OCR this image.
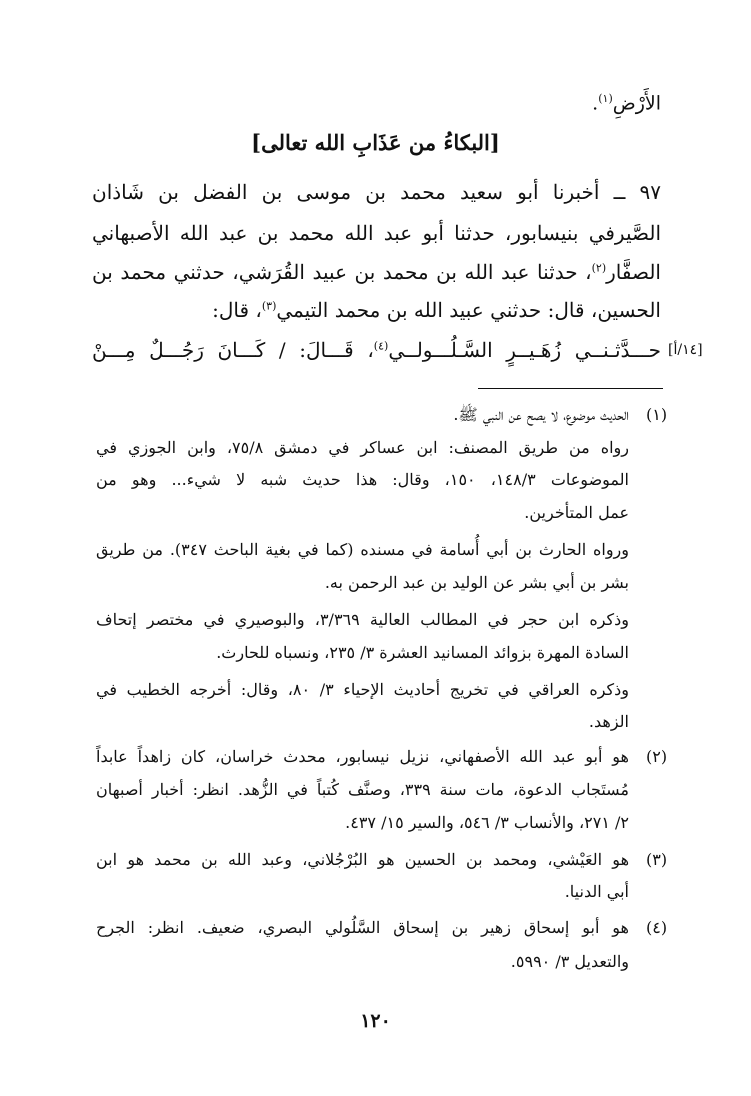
الأَرْضِ$^{(١)}$.
[البكاءُ من عَذَابِ الله تعالى]
٩٧ ــ أخبرنا أبو سعيد محمد بن موسى بن الفضل بن شَاذان
الصَّيرفي بنيسابور، حدثنا أبو عبد الله محمد بن عبد الله الأصبهاني
الصفَّار$^{(٢)}$، حدثنا عبد الله بن محمد بن عبيد القُرَشي، حدثني محمد بن
الحسين، قال: حدثني عبيد الله بن محمد التيمي$^{(٣)}$، قال:
حـــدَّثـنــي زُهَـيــرٍ السَّـلُـــولــي$^{(٤)}$، قَـــالَ: / كَـــانَ رَجُـــلٌ مِـــنْ	[١٤/أ]
(١)
الحديث موضوع، لا يصح عن النبي ﷺ.
رواه من طريق المصنف: ابن عساكر في دمشق ٧٥/٨، وابن الجوزي في
الموضوعات ١٤٨/٣، ١٥٠، وقال: هذا حديث شبه لا شيء... وهو من
عمل المتأخرين.
ورواه الحارث بن أبي أُسامة في مسنده (كما في بغية الباحث ٣٤٧). من طريق
بشر بن أبي بشر عن الوليد بن عبد الرحمن به.
وذكره ابن حجر في المطالب العالية ٣/٣٦٩، والبوصيري في مختصر إتحاف
السادة المهرة بزوائد المسانيد العشرة ٣/ ٢٣٥، ونسباه للحارث.
وذكره العراقي في تخريج أحاديث الإحياء ٣/ ٨٠، وقال: أخرجه الخطيب في
الزهد.
(٢)
هو أبو عبد الله الأصفهاني، نزيل نيسابور، محدث خراسان، كان زاهداً عابداً
مُستَجاب الدعوة، مات سنة ٣٣٩، وصنَّف كُتباً في الزُّهد. انظر: أخبار أصبهان
٢/ ٢٧١، والأنساب ٣/ ٥٤٦، والسير ١٥/ ٤٣٧.
(٣)
هو العَيْشي، ومحمد بن الحسين هو البُرْجُلاني، وعبد الله بن محمد هو ابن
أبي الدنيا.
(٤)
هو أبو إسحاق زهير بن إسحاق السَّلُولي البصري، ضعيف. انظر: الجرح
والتعديل ٣/ ٥٩٩٠.
١٢٠
